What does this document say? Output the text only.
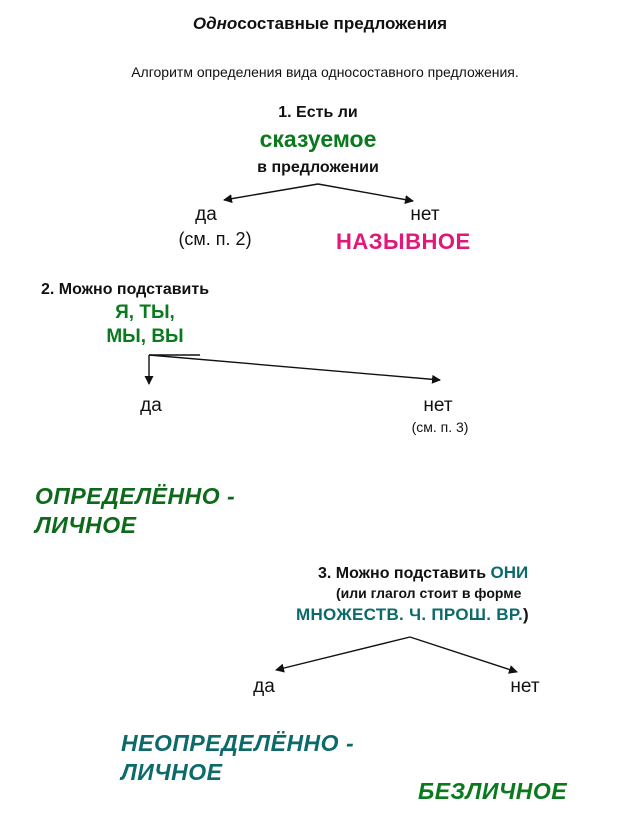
Односоставные предложения
Алгоритм определения вида односоставного предложения.
1. Есть ли
сказуемое
в предложении
да
(см. п. 2)
нет
НАЗЫВНОЕ
2. Можно подставить
Я, ТЫ,
МЫ, ВЫ
да	нет
(см. п. 3)
ОПРЕДЕЛЁННО -
ЛИЧНОЕ
3. Можно подставить ОНИ
(или глагол стоит в форме
МНОЖЕСТВ. Ч. ПРОШ. ВР.)
да	нет
НЕОПРЕДЕЛЁННО -
ЛИЧНОЕ
БЕЗЛИЧНОЕ
